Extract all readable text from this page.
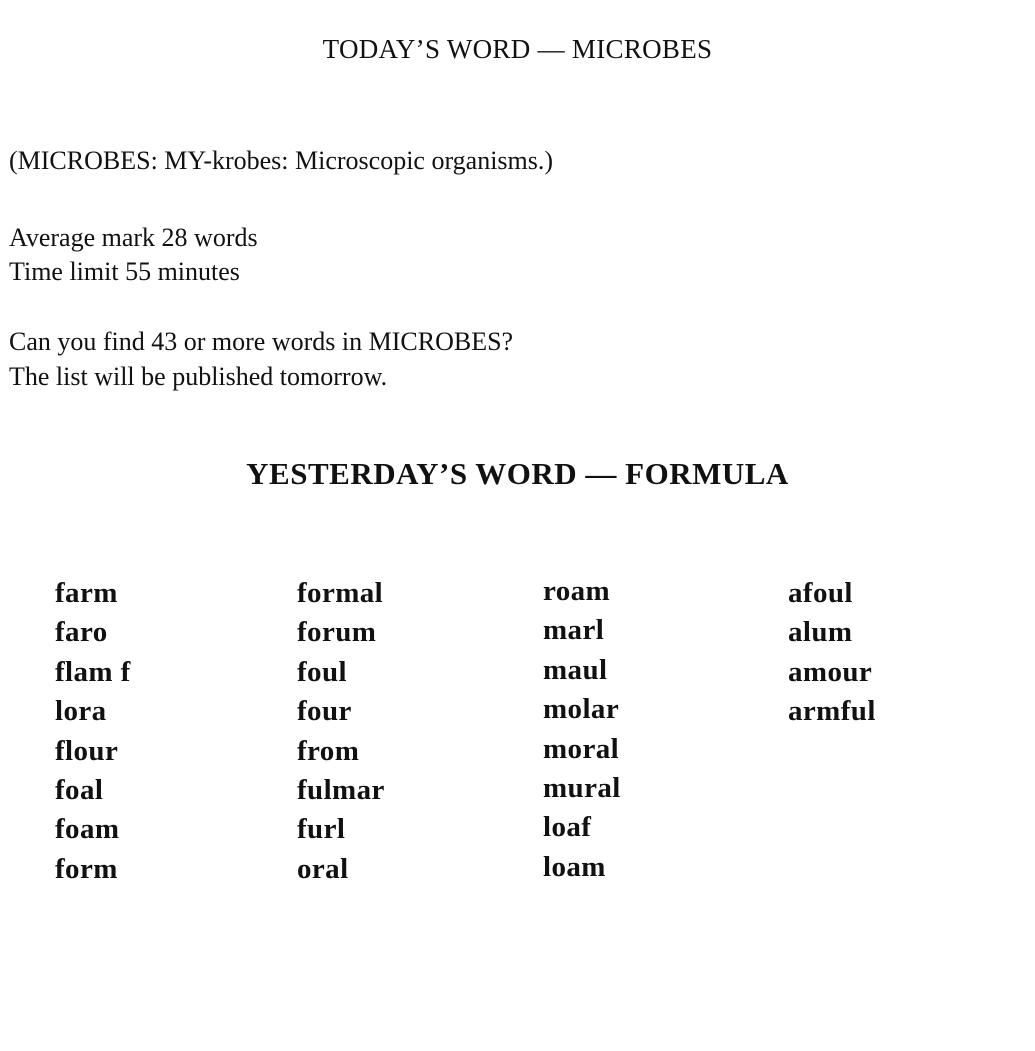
TODAY’S WORD — MICROBES

(MICROBES: MY-krobes: Microscopic organisms.)

Average mark 28 words

Time limit 55 minutes

Can you find 43 or more words in MICROBES?

The list will be published tomorrow.

YESTERDAY’S WORD — FORMULA
farm
faro
flam f
lora
flour
foal
foam
form
formal
forum
foul
four
from
fulmar
furl
oral
roam
marl
maul
molar
moral
mural
loaf
loam
afoul
alum
amour
armful
